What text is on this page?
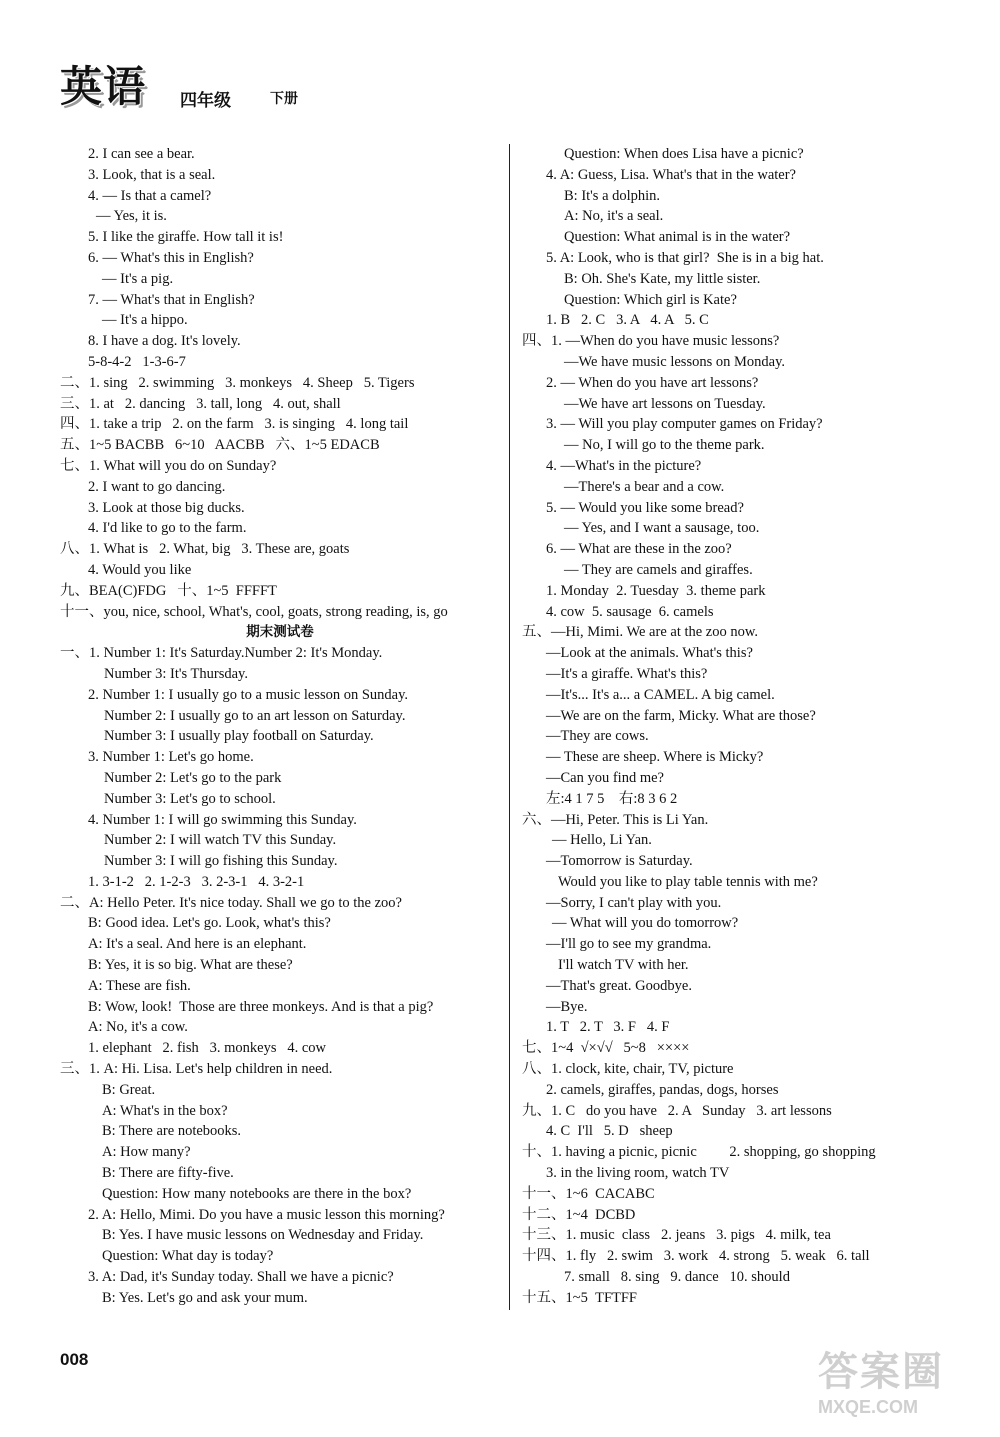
英语	四年级	下册
2. I can see a bear.
3. Look, that is a seal.
4. — Is that a camel?
— Yes, it is.
5. I like the giraffe. How tall it is!
6. — What's this in English?
— It's a pig.
7. — What's that in English?
— It's a hippo.
8. I have a dog. It's lovely.
5-8-4-2   1-3-6-7
二、1. sing   2. swimming   3. monkeys   4. Sheep   5. Tigers
三、1. at   2. dancing   3. tall, long   4. out, shall
四、1. take a trip   2. on the farm   3. is singing   4. long tail
五、1~5 BACBB   6~10   AACBB   六、1~5 EDACB
七、1. What will you do on Sunday?
2. I want to go dancing.
3. Look at those big ducks.
4. I'd like to go to the farm.
八、1. What is   2. What, big   3. These are, goats
4. Would you like
九、BEA(C)FDG   十、1~5  FFFFT
十一、you, nice, school, What's, cool, goats, strong reading, is, go
期末测试卷
一、1. Number 1: It's Saturday.Number 2: It's Monday.
Number 3: It's Thursday.
2. Number 1: I usually go to a music lesson on Sunday.
Number 2: I usually go to an art lesson on Saturday.
Number 3: I usually play football on Saturday.
3. Number 1: Let's go home.
Number 2: Let's go to the park
Number 3: Let's go to school.
4. Number 1: I will go swimming this Sunday.
Number 2: I will watch TV this Sunday.
Number 3: I will go fishing this Sunday.
1. 3-1-2   2. 1-2-3   3. 2-3-1   4. 3-2-1
二、A: Hello Peter. It's nice today. Shall we go to the zoo?
B: Good idea. Let's go. Look, what's this?
A: It's a seal. And here is an elephant.
B: Yes, it is so big. What are these?
A: These are fish.
B: Wow, look!  Those are three monkeys. And is that a pig?
A: No, it's a cow.
1. elephant   2. fish   3. monkeys   4. cow
三、1. A: Hi. Lisa. Let's help children in need.
B: Great.
A: What's in the box?
B: There are notebooks.
A: How many?
B: There are fifty-five.
Question: How many notebooks are there in the box?
2. A: Hello, Mimi. Do you have a music lesson this morning?
B: Yes. I have music lessons on Wednesday and Friday.
Question: What day is today?
3. A: Dad, it's Sunday today. Shall we have a picnic?
B: Yes. Let's go and ask your mum.
Question: When does Lisa have a picnic?
4. A: Guess, Lisa. What's that in the water?
B: It's a dolphin.
A: No, it's a seal.
Question: What animal is in the water?
5. A: Look, who is that girl?  She is in a big hat.
B: Oh. She's Kate, my little sister.
Question: Which girl is Kate?
1. B   2. C   3. A   4. A   5. C
四、1. —When do you have music lessons?
—We have music lessons on Monday.
2. — When do you have art lessons?
—We have art lessons on Tuesday.
3. — Will you play computer games on Friday?
— No, I will go to the theme park.
4. —What's in the picture?
—There's a bear and a cow.
5. — Would you like some bread?
— Yes, and I want a sausage, too.
6. — What are these in the zoo?
— They are camels and giraffes.
1. Monday  2. Tuesday  3. theme park
4. cow  5. sausage  6. camels
五、—Hi, Mimi. We are at the zoo now.
—Look at the animals. What's this?
—It's a giraffe. What's this?
—It's... It's a... a CAMEL. A big camel.
—We are on the farm, Micky. What are those?
—They are cows.
— These are sheep. Where is Micky?
—Can you find me?
左:4 1 7 5    右:8 3 6 2
六、—Hi, Peter. This is Li Yan.
— Hello, Li Yan.
—Tomorrow is Saturday.
Would you like to play table tennis with me?
—Sorry, I can't play with you.
— What will you do tomorrow?
—I'll go to see my grandma.
I'll watch TV with her.
—That's great. Goodbye.
—Bye.
1. T   2. T   3. F   4. F
七、1~4  √×√√   5~8   ××××
八、1. clock, kite, chair, TV, picture
2. camels, giraffes, pandas, dogs, horses
九、1. C   do you have   2. A   Sunday   3. art lessons
4. C  I'll   5. D   sheep
十、1. having a picnic, picnic         2. shopping, go shopping
3. in the living room, watch TV
十一、1~6  CACABC
十二、1~4  DCBD
十三、1. music  class   2. jeans   3. pigs   4. milk, tea
十四、1. fly   2. swim   3. work   4. strong   5. weak   6. tall
7. small   8. sing   9. dance   10. should
十五、1~5  TFTFF
008	答案圈
MXQE.COM
